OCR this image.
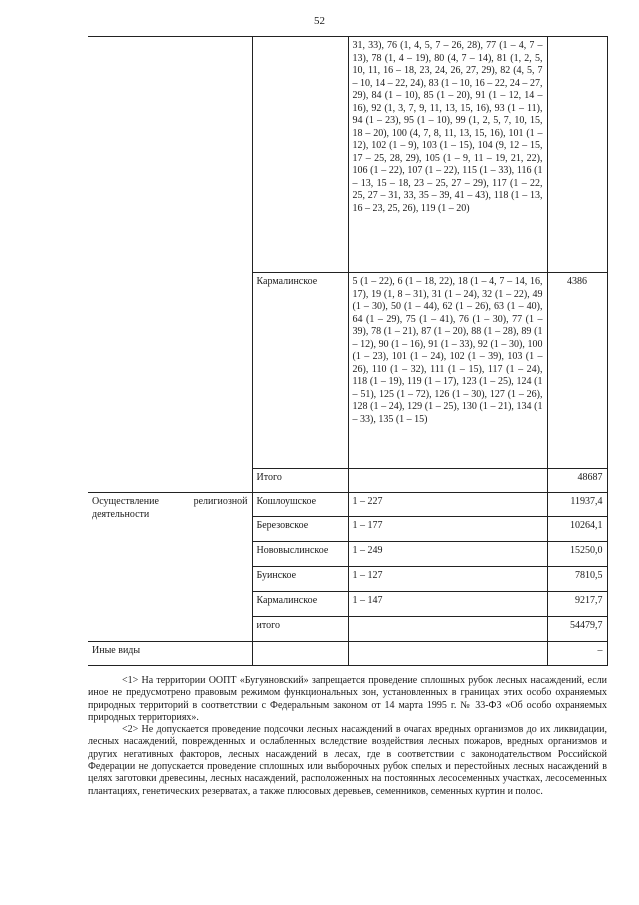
52
		31, 33), 76 (1, 4, 5, 7 – 26, 28), 77 (1 – 4, 7 – 13), 78 (1, 4 – 19), 80 (4, 7 – 14), 81 (1, 2, 5, 10, 11, 16 – 18, 23, 24, 26, 27, 29), 82 (4, 5, 7 – 10, 14 – 22, 24), 83 (1 – 10, 16 – 22, 24 – 27, 29), 84 (1 – 10), 85 (1 – 20), 91 (1 – 12, 14 – 16), 92 (1, 3, 7, 9, 11, 13, 15, 16), 93 (1 – 11), 94 (1 – 23), 95 (1 – 10), 99 (1, 2, 5, 7, 10, 15, 18 – 20), 100 (4, 7, 8, 11, 13, 15, 16), 101 (1 – 12), 102 (1 – 9), 103 (1 – 15), 104 (9, 12 – 15, 17 – 25, 28, 29), 105 (1 – 9, 11 – 19, 21, 22), 106 (1 – 22), 107 (1 – 22), 115 (1 – 33), 116 (1 – 13, 15 – 18, 23 – 25, 27 – 29), 117 (1 – 22, 25, 27 – 31, 33, 35 – 39, 41 – 43), 118 (1 – 13, 16 – 23, 25, 26), 119 (1 – 20)	
	Кармалинское	5 (1 – 22), 6 (1 – 18, 22), 18 (1 – 4, 7 – 14, 16, 17), 19 (1, 8 – 31), 31 (1 – 24), 32 (1 – 22), 49 (1 – 30), 50 (1 – 44), 62 (1 – 26), 63 (1 – 40), 64 (1 – 29), 75 (1 – 41), 76 (1 – 30), 77 (1 – 39), 78 (1 – 21), 87 (1 – 20), 88 (1 – 28), 89 (1 – 12), 90 (1 – 16), 91 (1 – 33), 92 (1 – 30), 100 (1 – 23), 101 (1 – 24), 102 (1 – 39), 103 (1 – 26), 110 (1 – 32), 111 (1 – 15), 117 (1 – 24), 118 (1 – 19), 119 (1 – 17), 123 (1 – 25), 124 (1 – 51), 125 (1 – 72), 126 (1 – 30), 127 (1 – 26), 128 (1 – 24), 129 (1 – 25), 130 (1 – 21), 134 (1 – 33), 135 (1 – 15)	4386
	Итого		48687
Осуществление религиозной деятельности	Кошлоушское	1 – 227	11937,4
	Березовское	1 – 177	10264,1
	Нововыслинское	1 – 249	15250,0
	Буинское	1 – 127	7810,5
	Кармалинское	1 – 147	9217,7
	итого		54479,7
Иные виды			–

<1> На территории ООПТ «Бугуяновский» запрещается проведение сплошных рубок лесных насаждений, если иное не предусмотрено правовым режимом функциональных зон, установленных в границах этих особо охраняемых природных территорий в соответствии с Федеральным законом от 14 марта 1995 г. № 33-ФЗ «Об особо охраняемых природных территориях».

<2> Не допускается проведение подсочки лесных насаждений в очагах вредных организмов до их ликвидации, лесных насаждений, поврежденных и ослабленных вследствие воздействия лесных пожаров, вредных организмов и других негативных факторов, лесных насаждений в лесах, где в соответствии с законодательством Российской Федерации не допускается проведение сплошных или выборочных рубок спелых и перестойных лесных насаждений в целях заготовки древесины, лесных насаждений, расположенных на постоянных лесосеменных участках, лесосеменных плантациях, генетических резерватах, а также плюсовых деревьев, семенников, семенных куртин и полос.
